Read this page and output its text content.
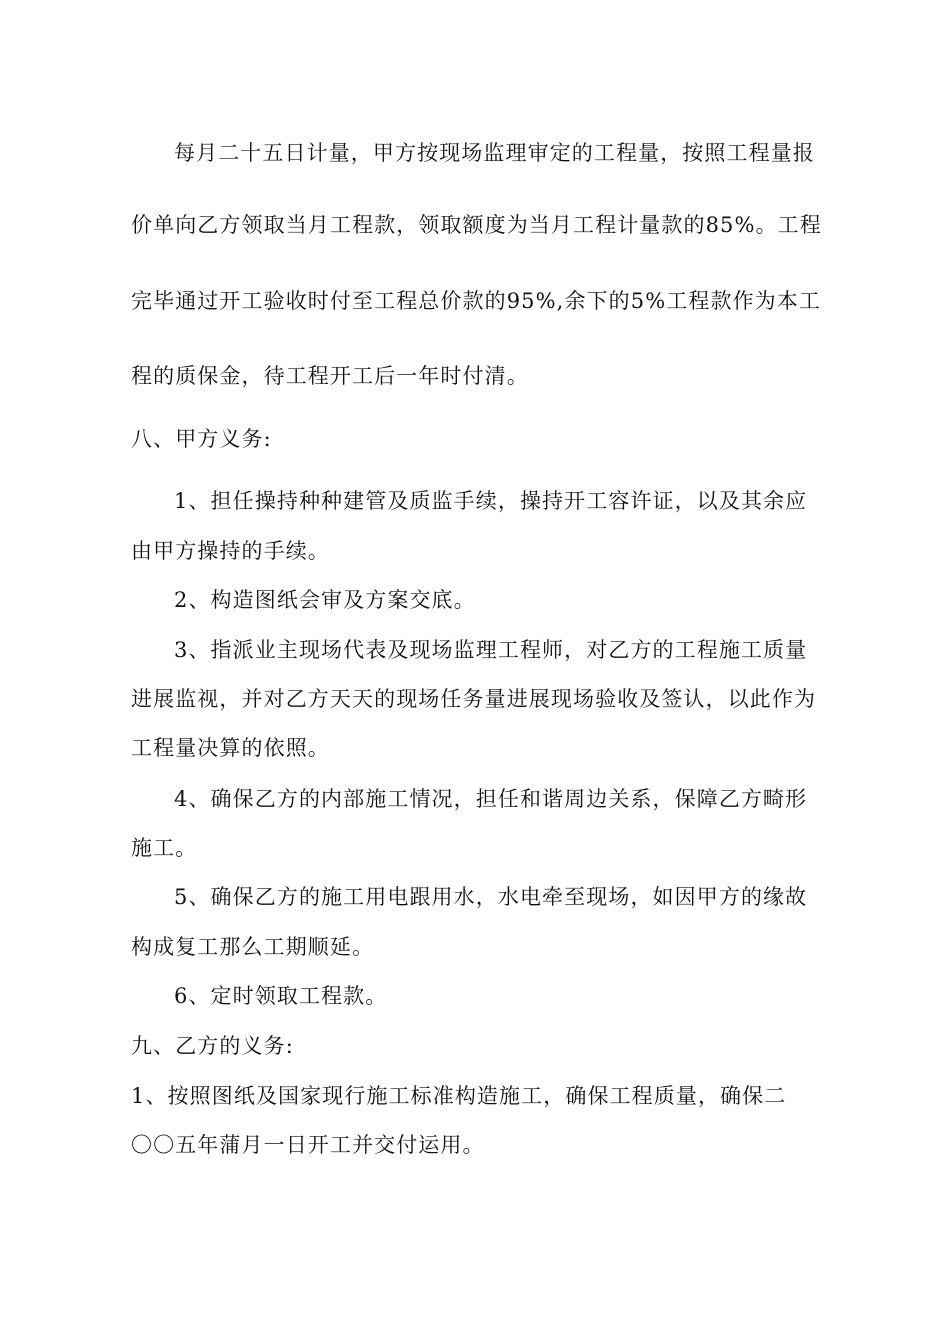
每月二十五日计量，甲方按现场监理审定的工程量，按照工程量报
价单向乙方领取当月工程款，领取额度为当月工程计量款的85%。工程
完毕通过开工验收时付至工程总价款的95%,余下的5%工程款作为本工
程的质保金，待工程开工后一年时付清。
八、甲方义务:
1、担任操持种种建管及质监手续，操持开工容许证，以及其余应
由甲方操持的手续。
2、构造图纸会审及方案交底。
3、指派业主现场代表及现场监理工程师，对乙方的工程施工质量
进展监视，并对乙方天天的现场任务量进展现场验收及签认，以此作为
工程量决算的依照。
4、确保乙方的内部施工情况，担任和谐周边关系，保障乙方畸形
施工。
5、确保乙方的施工用电跟用水，水电牵至现场，如因甲方的缘故
构成复工那么工期顺延。
6、定时领取工程款。
九、乙方的义务:
1、按照图纸及国家现行施工标准构造施工，确保工程质量，确保二
〇〇五年蒲月一日开工并交付运用。
